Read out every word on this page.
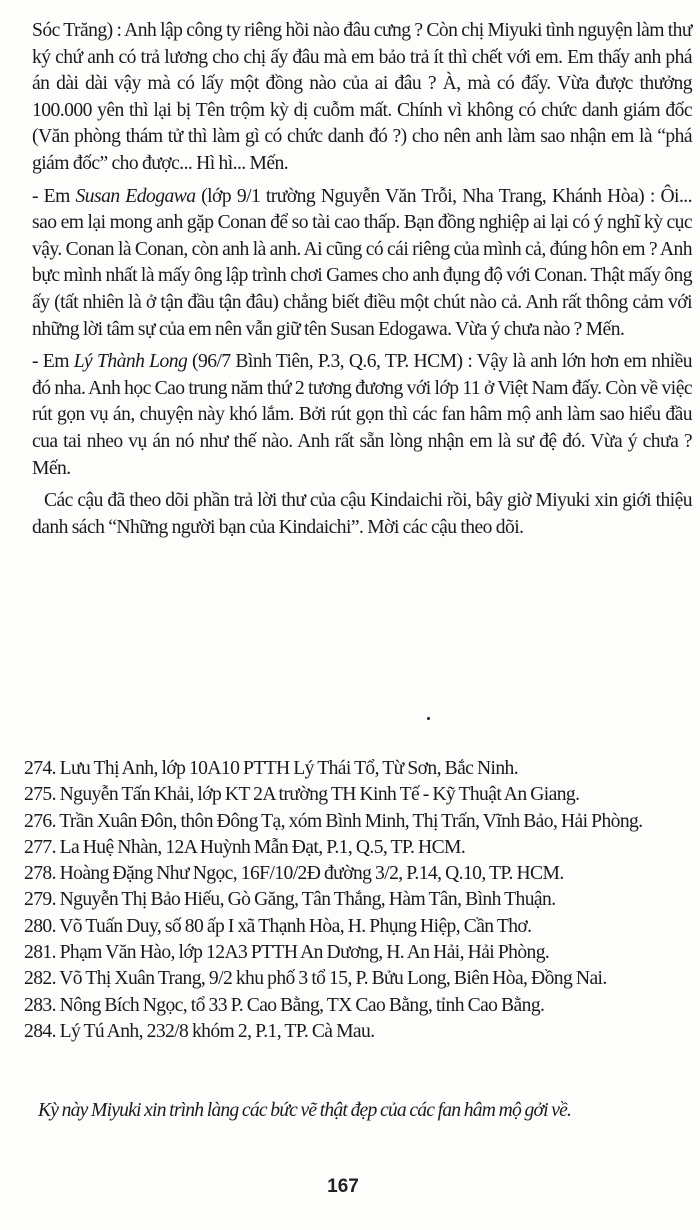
Sóc Trăng) : Anh lập công ty riêng hồi nào đâu cưng ? Còn chị Miyuki tình nguyện làm thư ký chứ anh có trả lương cho chị ấy đâu mà em bảo trả ít thì chết với em. Em thấy anh phá án dài dài vậy mà có lấy một đồng nào của ai đâu ? À, mà có đấy. Vừa được thưởng 100.000 yên thì lại bị Tên trộm kỳ dị cuỗm mất. Chính vì không có chức danh giám đốc (Văn phòng thám tử thì làm gì có chức danh đó ?) cho nên anh làm sao nhận em là “phá giám đốc” cho được... Hì hì... Mến.

- Em Susan Edogawa (lớp 9/1 trường Nguyễn Văn Trỗi, Nha Trang, Khánh Hòa) : Ôi... sao em lại mong anh gặp Conan để so tài cao thấp. Bạn đồng nghiệp ai lại có ý nghĩ kỳ cục vậy. Conan là Conan, còn anh là anh. Ai cũng có cái riêng của mình cả, đúng hôn em ? Anh bực mình nhất là mấy ông lập trình chơi Games cho anh đụng độ với Conan. Thật mấy ông ấy (tất nhiên là ở tận đầu tận đâu) chẳng biết điều một chút nào cả. Anh rất thông cảm với những lời tâm sự của em nên vẫn giữ tên Susan Edogawa. Vừa ý chưa nào ? Mến.

- Em Lý Thành Long (96/7 Bình Tiên, P.3, Q.6, TP. HCM) : Vậy là anh lớn hơn em nhiều đó nha. Anh học Cao trung năm thứ 2 tương đương với lớp 11 ở Việt Nam đấy. Còn về việc rút gọn vụ án, chuyện này khó lắm. Bởi rút gọn thì các fan hâm mộ anh làm sao hiểu đầu cua tai nheo vụ án nó như thế nào. Anh rất sẵn lòng nhận em là sư đệ đó. Vừa ý chưa ? Mến.

Các cậu đã theo dõi phần trả lời thư của cậu Kindaichi rồi, bây giờ Miyuki xin giới thiệu danh sách “Những người bạn của Kindaichi”. Mời các cậu theo dõi.

274. Lưu Thị Anh, lớp 10A10 PTTH Lý Thái Tổ, Từ Sơn, Bắc Ninh.
275. Nguyễn Tấn Khải, lớp KT 2A trường TH Kinh Tế - Kỹ Thuật An Giang.
276. Trần Xuân Đôn, thôn Đông Tạ, xóm Bình Minh, Thị Trấn, Vĩnh Bảo, Hải Phòng.
277. La Huệ Nhàn, 12A Huỳnh Mẫn Đạt, P.1, Q.5, TP. HCM.
278. Hoàng Đặng Như Ngọc, 16F/10/2Đ đường 3/2, P.14, Q.10, TP. HCM.
279. Nguyễn Thị Bảo Hiếu, Gò Găng, Tân Thắng, Hàm Tân, Bình Thuận.
280. Võ Tuấn Duy, số 80 ấp I xã Thạnh Hòa, H. Phụng Hiệp, Cần Thơ.
281. Phạm Văn Hào, lớp 12A3 PTTH An Dương, H. An Hải, Hải Phòng.
282. Võ Thị Xuân Trang, 9/2 khu phố 3 tổ 15, P. Bửu Long, Biên Hòa, Đồng Nai.
283. Nông Bích Ngọc, tổ 33 P. Cao Bằng, TX Cao Bằng, tỉnh Cao Bằng.
284. Lý Tú Anh, 232/8 khóm 2, P.1, TP. Cà Mau.

Kỳ này Miyuki xin trình làng các bức vẽ thật đẹp của các fan hâm mộ gởi về.

167
